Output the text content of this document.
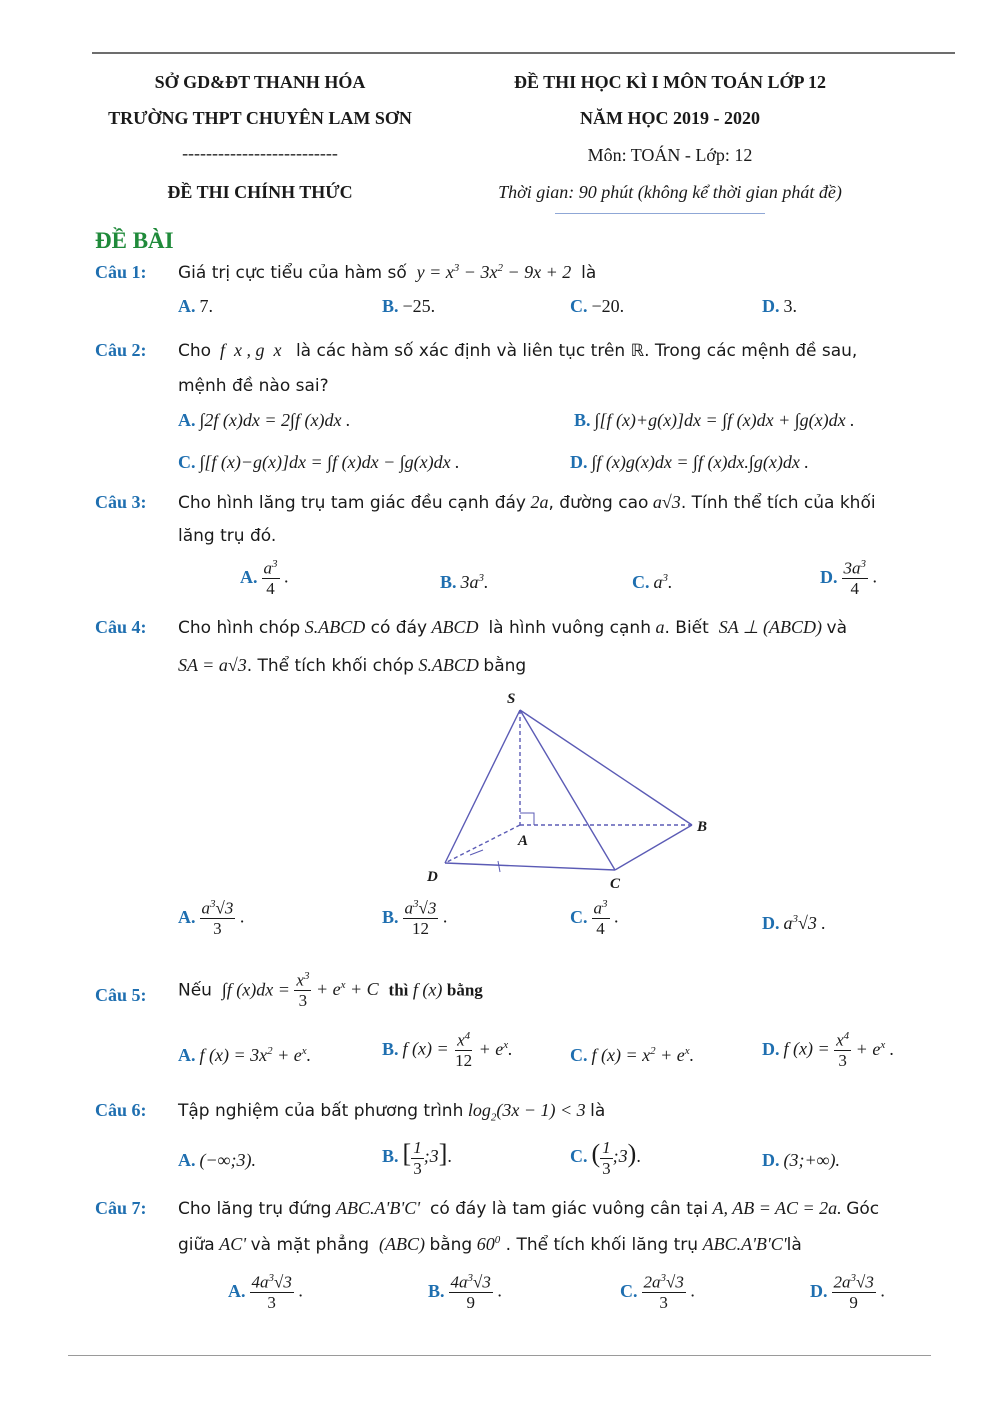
SỞ GD&ĐT THANH HÓA
TRƯỜNG THPT CHUYÊN LAM SƠN
--------------------------
ĐỀ THI CHÍNH THỨC
ĐỀ THI HỌC KÌ I MÔN TOÁN LỚP 12
NĂM HỌC 2019 - 2020
Môn: TOÁN - Lớp: 12
Thời gian: 90 phút (không kể thời gian phát đề)
ĐỀ BÀI
Câu 1: Giá trị cực tiểu của hàm số  $y = x^3 - 3x^2 - 9x + 2$  là
A. 7.	B. −25.	C. −20.	D. 3.
Câu 2: Cho  f  x , g  x   là các hàm số xác định và liên tục trên ℝ. Trong các mệnh đề sau,
mệnh đề nào sai?
A. ∫2f (x)dx = 2∫f (x)dx .	B. ∫[f (x)+g(x)]dx = ∫f (x)dx + ∫g(x)dx .
C. ∫[f (x)−g(x)]dx = ∫f (x)dx − ∫g(x)dx .	D. ∫f (x)g(x)dx = ∫f (x)dx.∫g(x)dx .
Câu 3: Cho hình lăng trụ tam giác đều cạnh đáy 2a, đường cao a√3. Tính thể tích của khối
lăng trụ đó.
A. $\frac{a^3}{4}$ .	B. $3a^3$.	C. $a^3$.	D. $\frac{3a^3}{4}$ .
Câu 4: Cho hình chóp S.ABCD có đáy ABCD  là hình vuông cạnh a. Biết  SA ⊥ (ABCD) và
SA = a√3. Thể tích khối chóp S.ABCD bằng
S
A
B
C
D
A. $\frac{a^3√3}{3}$ .	B. $\frac{a^3√3}{12}$ .	C. $\frac{a^3}{4}$ .	D. $a^3√3$ .
Câu 5: Nếu  ∫f $(x)dx = \frac{x^3}{3} + e^x + C$  thì f (x) bằng
A. f $(x) = 3x^2 + e^x$.	B. f $(x) = \frac{x^4}{12} + e^x$.	C. f $(x) = x^2 + e^x$.	D. f $(x) = \frac{x^4}{3} + e^x$ .
Câu 6: Tập nghiệm của bất phương trình $\log_2(3x - 1) < 3$ là
A. (−∞;3).	B. [ $\frac{1}{3}$ ;3].	C. ( $\frac{1}{3}$ ;3).	D. (3;+∞).
Câu 7: Cho lăng trụ đứng ABC.A'B'C'  có đáy là tam giác vuông cân tại A, AB = AC = 2a. Góc
giữa AC' và mặt phẳng  (ABC) bằng $60^0$ . Thể tích khối lăng trụ ABC.A'B'C'là
A. $\frac{4a^3√3}{3}$ .	B. $\frac{4a^3√3}{9}$ .	C. $\frac{2a^3√3}{3}$ .	D. $\frac{2a^3√3}{9}$ .
